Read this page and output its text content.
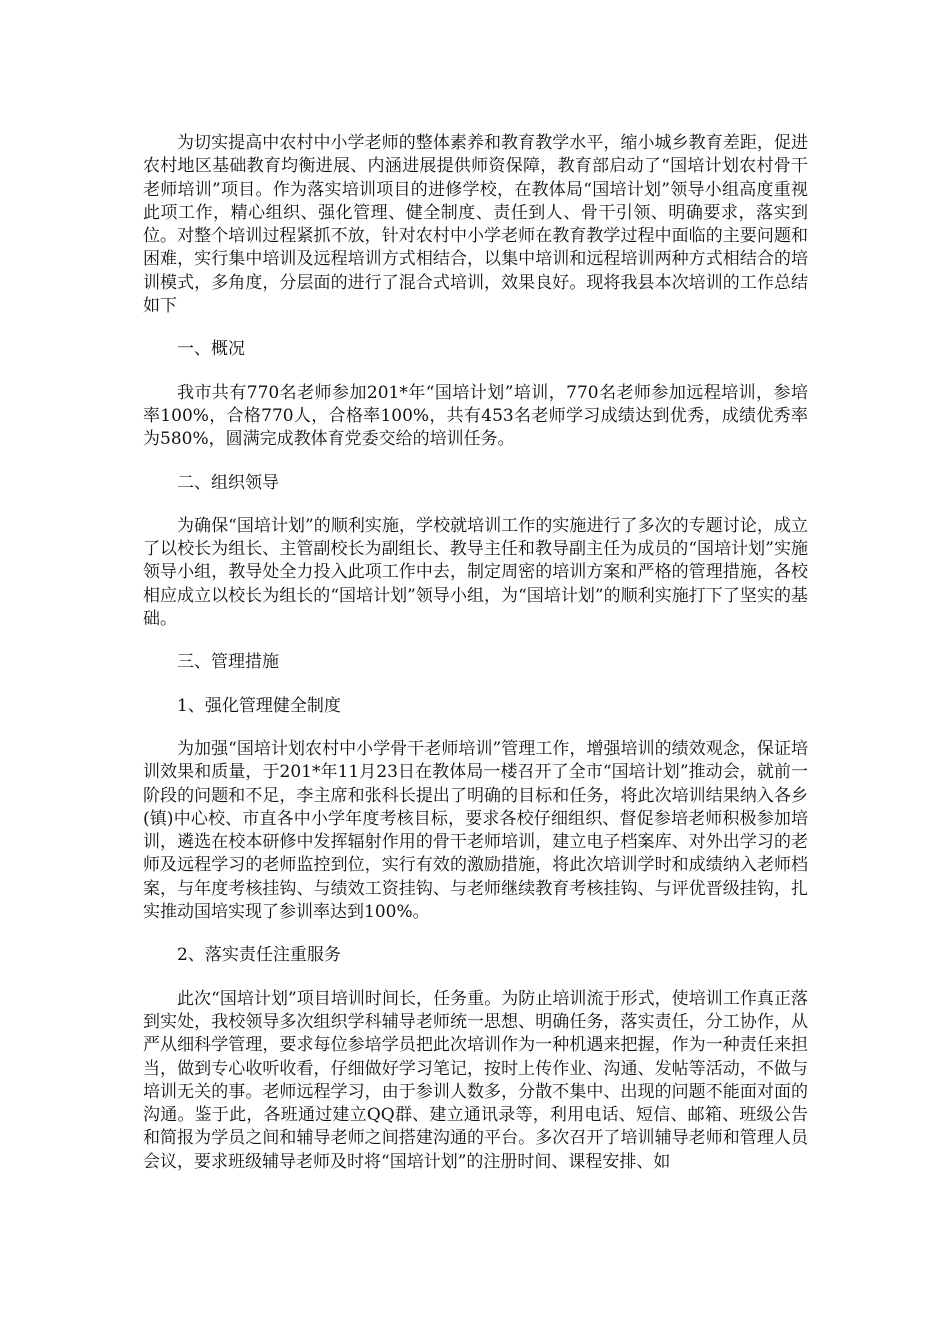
为切实提高中农村中小学老师的整体素养和教育教学水平，缩小城乡教育差距，促进农村地区基础教育均衡进展、内涵进展提供师资保障，教育部启动了“国培计划农村骨干老师培训”项目。作为落实培训项目的进修学校，在教体局“国培计划”领导小组高度重视此项工作，精心组织、强化管理、健全制度、责任到人、骨干引领、明确要求，落实到位。对整个培训过程紧抓不放，针对农村中小学老师在教育教学过程中面临的主要问题和困难，实行集中培训及远程培训方式相结合，以集中培训和远程培训两种方式相结合的培训模式，多角度，分层面的进行了混合式培训，效果良好。现将我县本次培训的工作总结如下

一、概况

我市共有770名老师参加201*年“国培计划”培训，770名老师参加远程培训，参培率100%，合格770人，合格率100%，共有453名老师学习成绩达到优秀，成绩优秀率为580%，圆满完成教体育党委交给的培训任务。

二、组织领导

为确保“国培计划”的顺利实施，学校就培训工作的实施进行了多次的专题讨论，成立了以校长为组长、主管副校长为副组长、教导主任和教导副主任为成员的“国培计划”实施领导小组，教导处全力投入此项工作中去，制定周密的培训方案和严格的管理措施，各校相应成立以校长为组长的“国培计划”领导小组，为“国培计划”的顺利实施打下了坚实的基础。

三、管理措施

1、强化管理健全制度

为加强“国培计划农村中小学骨干老师培训”管理工作，增强培训的绩效观念，保证培训效果和质量，于201*年11月23日在教体局一楼召开了全市“国培计划”推动会，就前一阶段的问题和不足，李主席和张科长提出了明确的目标和任务，将此次培训结果纳入各乡(镇)中心校、市直各中小学年度考核目标，要求各校仔细组织、督促参培老师积极参加培训，遴选在校本研修中发挥辐射作用的骨干老师培训，建立电子档案库、对外出学习的老师及远程学习的老师监控到位，实行有效的激励措施，将此次培训学时和成绩纳入老师档案，与年度考核挂钩、与绩效工资挂钩、与老师继续教育考核挂钩、与评优晋级挂钩，扎实推动国培实现了参训率达到100%。

2、落实责任注重服务

此次“国培计划”项目培训时间长，任务重。为防止培训流于形式，使培训工作真正落到实处，我校领导多次组织学科辅导老师统一思想、明确任务，落实责任，分工协作，从严从细科学管理，要求每位参培学员把此次培训作为一种机遇来把握，作为一种责任来担当，做到专心收听收看，仔细做好学习笔记，按时上传作业、沟通、发帖等活动，不做与培训无关的事。老师远程学习，由于参训人数多，分散不集中、出现的问题不能面对面的沟通。鉴于此，各班通过建立QQ群、建立通讯录等，利用电话、短信、邮箱、班级公告和简报为学员之间和辅导老师之间搭建沟通的平台。多次召开了培训辅导老师和管理人员会议，要求班级辅导老师及时将“国培计划”的注册时间、课程安排、如
